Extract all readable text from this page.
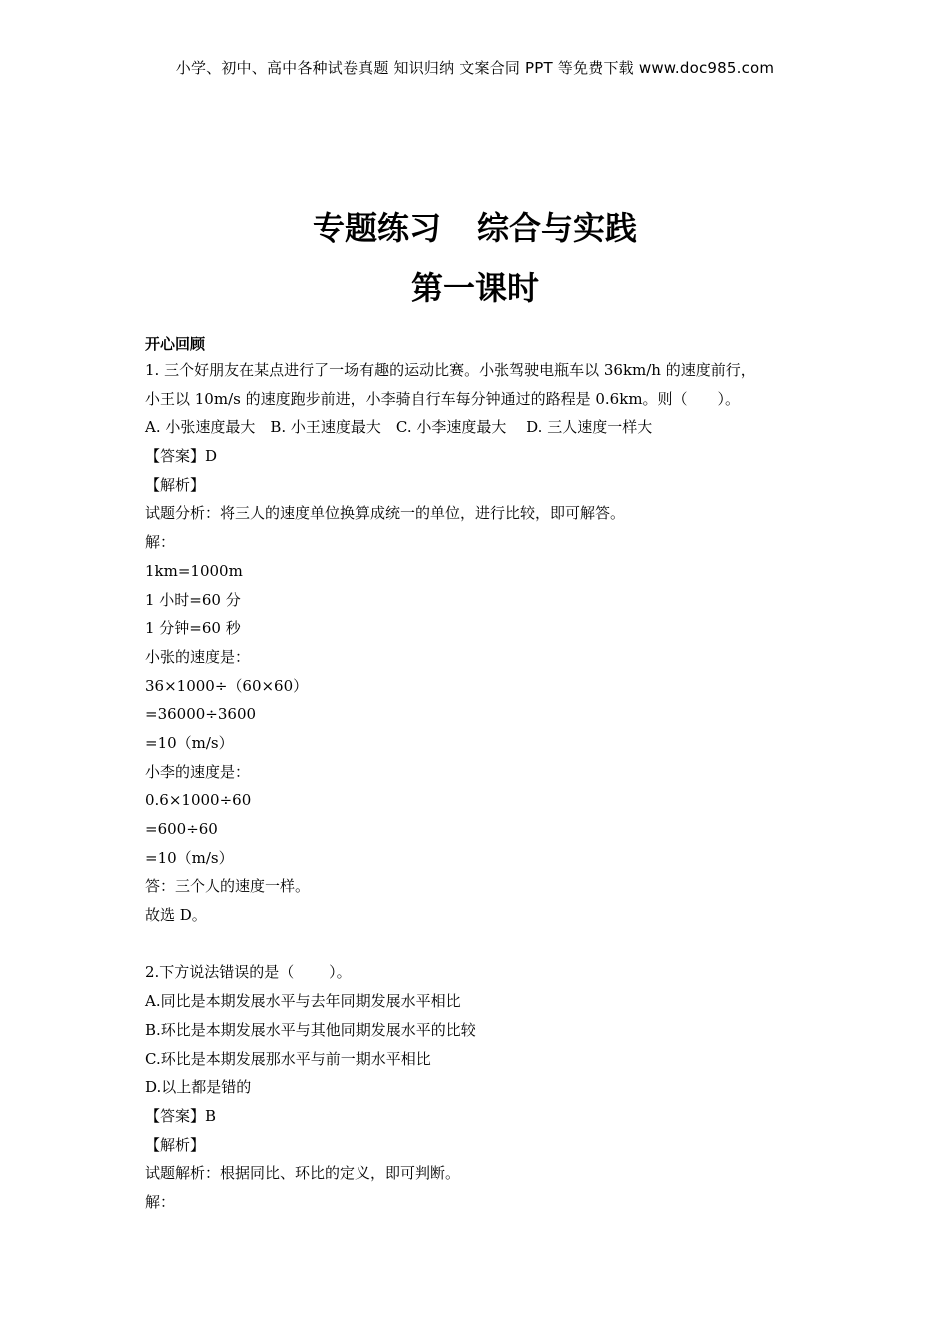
小学、初中、高中各种试卷真题 知识归纳 文案合同 PPT 等免费下载 www.doc985.com
专题练习 综合与实践
第一课时
开心回顾
1. 三个好朋友在某点进行了一场有趣的运动比赛。小张驾驶电瓶车以 36km/h 的速度前行，
小王以 10m/s 的速度跑步前进，小李骑自行车每分钟通过的路程是 0.6km。则（　　）。
A. 小张速度最大　B. 小王速度最大　C. 小李速度最大　 D. 三人速度一样大
【答案】D
【解析】
试题分析：将三人的速度单位换算成统一的单位，进行比较，即可解答。
解：
1km=1000m
1 小时=60 分
1 分钟=60 秒
小张的速度是：
36×1000÷（60×60）
=36000÷3600
=10（m/s）
小李的速度是：
0.6×1000÷60
=600÷60
=10（m/s）
答：三个人的速度一样。
故选 D。
2.下方说法错误的是（　　 ）。
A.同比是本期发展水平与去年同期发展水平相比
B.环比是本期发展水平与其他同期发展水平的比较
C.环比是本期发展那水平与前一期水平相比
D.以上都是错的
【答案】B
【解析】
试题解析：根据同比、环比的定义，即可判断。
解：
